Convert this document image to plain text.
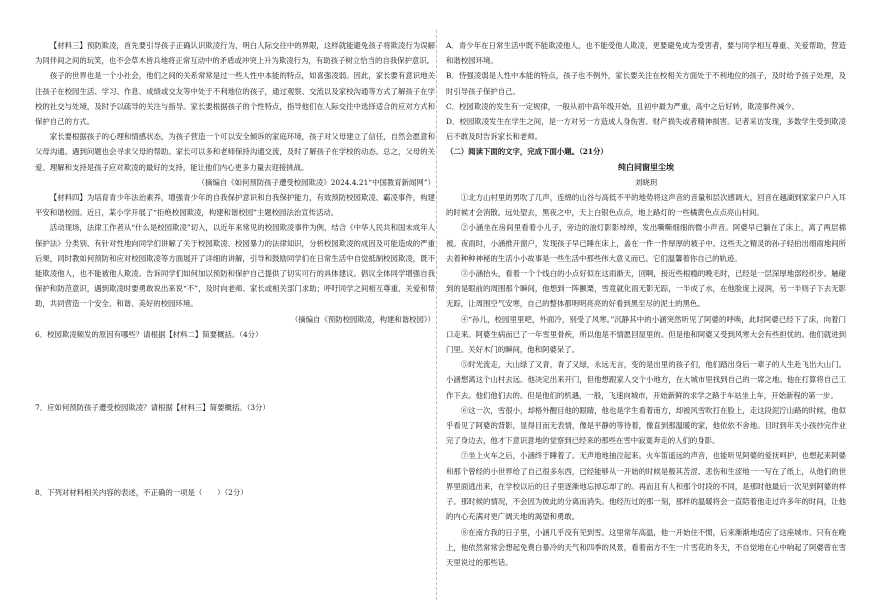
【材料三】预防欺凌，首先要引导孩子正确认识欺凌行为，明白人际交往中的界限，这样就能避免孩子将欺凌行为误解为同伴间之间的玩笑，也不会草木皆兵地将正常互动中的矛盾或冲突上升为欺凌行为，有助孩子树立恰当的自我保护意识。

孩子的世界也是一个小社会，他们之间的关系常常是过一些人性中本能的特点，如喜强凌弱。因此，家长要有意识地关注孩子在校园生活、学习、作息、成绩或交友等中处于不利地位的孩子，通过观察、交流以及家校沟通等方式了解孩子在学校的社交与处境，及时予以疏导的关注与指导。家长要根据孩子的个性特点，指导他们在人际交往中选择适合的应对方式和保护自己的方式。

家长要根据孩子的心理和情感状态，为孩子营造一个可以安全倾诉的家庭环境，孩子对父母建立了信任，自然会愿意和父母沟通。遇到问题也会寻求父母的帮助。家长可以多和老师保持沟通交流，及时了解孩子在学校的动态。总之，父母的关爱、理解和支持是孩子应对欺凌的最好的支持，能让他们内心更多力量去迎接挑战。

（摘编自《如何预防孩子遭受校园欺凌》2024.4.21“中国教育新闻网”）

【材料四】为培育青少年法治素养，增强青少年的自我保护意识和自我保护能力，有效预防校园欺凌、霸凌事件，构建平安和谐校园。近日，某小学开展了“拒绝校园欺凌，构建和谐校园”主题校园法治宣传活动。

活动现场，法律工作者从“什么是校园欺凌”切入，以近年来常见的校园欺凌事件为例，结合《中华人民共和国未成年人保护法》分类别、有针对性地向同学们讲解了关于校园欺凌、校园暴力的法律知识，分析校园欺凌的成因及可能造成的严重后果，同时教如何预防和应对校园欺凌等方面展开了详细的讲解，引导和鼓励同学们在日常生活中自觉抵制校园欺凌，既不能欺凌他人，也不能被他人欺凌。告诉同学们如何加以预防和保护自己提供了切实可行的具体建议。倡议全体同学增强自我保护和防范意识，遇到欺凌时要勇敢说出来说“不”，及时向老师、家长或相关部门求助；呼吁同学之间相互尊重、关爱和帮助，共同营造一个安全、和谐、美好的校园环境。

（摘编自《预防校园欺凌，构建和谐校园》）

6．校园欺凌频发的原因有哪些？请根据【材料二】简要概括。（4分）

7．应如何预防孩子遭受校园欺凌？请根据【材料三】简要概括。（3分）

8．下列对材料相关内容的表述，不正确的一项是（　　）（2分）

A．青少年在日常生活中既不能欺凌他人，也不能受他人欺凌，更要避免成为受害者，要与同学相互尊重、关爱帮助，营造和谐校园环境。

B．恃强凌弱是人性中本能的特点，孩子也不例外，家长要关注在校相关方面处于不利地位的孩子，及时给予孩子处理，及时引导孩子保护自己。

C．校园欺凌的发生有一定规律，一般从初中高年级开始，且初中最为严重，高中之后好转，欺凌事件减少。

D．校园欺凌发生在学生之间，是一方对另一方造成人身伤害、财产损失或者精神损害。记者采访发现，多数学生受到欺凌后不敢及时告诉家长和老师。

（二）阅读下面的文字，完成下面小题。（21分）

纯白同窗里尘埃

刘晓玥

①北方山村里的男吹了几声，连绵的山谷与高低不平的地势将这声音的音量和层次感调大，回音在越湖到家家户户入耳的时候才会消散。远处望去，黑夜之中，天上白银色点点，地上路灯的一些橘黄色点点亮山村间。

②小涵坐在房间里看着小儿子，旁边的油灯影影绰绰，发出嘶嘶细细的微小声音。阿婆早已躺在了床上，离了两层棉被。夜雨时，小涵推开窗户，发现孩子早已睡在床上，盖在一件一件厚厚的被子中。这些天之精灵的孙子轻拍出细雨地间所去着种种神秘的生活小小故事是一些生活中那些伟大意义而已。它们温馨着你自己的轨迹。

③小涵抬头，看着一个个线白的小点好似在这雨渐天，回啊，接近些根瘾的晚毛时，已经是一层深厚地部经织步。触碰到的是眼前的周围那个瞬间，他想到一阵颤栗，雪竟就化雨无影无踪，一半成了水，在他脸庞上浸润，另一半则子下去无影无踪，让周围空气安寒，自己的整体都明明亮亮的好看到黑至尽的泥土的黑色。

④“孙儿，校园里里吧，外面冷，别受了风寒。”沉静其中的小涵突然听见了阿婆的呼唤，此时阿婆已经下了床，向着门口走来。阿婆生病而已了一年雪里骨疾，所以他是不情愿回屋里的。但是他和阿婆又受到风寒大会有些担忧的。他们就进到门里。关好木门的瞬间，他和阿婆呆了。

⑤时光流走，大山绿了又青，青了又绿，永远无言，变的是出里的孩子们，他们踏出身后一辈子的人生赴飞出大山门。小涵想离这个山村去远。他决定出来开门，但他想跟家人交个小地方，在大城市里找到自己的一席之地。他在打算将自己工作下去。他们他们去的。但是他们的机遇，一般，飞速向城市，开始新鲜的求学之路于车站坐上车，开始新程的第一步。

⑥这一次，雪很小，却格外醒目他的眼睛，他也是学生看着南方，却被风雪吹打在脸上，走这段泥泞山路的时候，他似乎看见了阿婆的背影，显得目而无表情，像是平静的等待着，像直到那温暖的家，他依依不舍地。目时到年关小孩抄完作业完了身边去，他才下意识意地的觉察到已经来的那些在雪中寂寞奔走的人们的身影。

⑦坐上火车之后，小涵终于睡着了。无声地地抽泣起来。火车笛遥远的声音，也能听见阿婆的爱抚呵护，也想起来阿婆和那个曾经的小世界给了自己很多东西，已经能够从一开始的时候是极其苦涩、悲伤和生涩地一一写在了纸上，从他们的世界里面逃出来，在学校以后的日子里逐渐地忘掉忘却了的。再而且有人和那个时段的不同，是那时他最后一次见到阿婆的样子。那时候的情况，不会因为彼此的分离而消失。他经历过的那一刻，那样的温暖将会一直陪着他走过许多年的时间，让他的内心充满对更广阔天地的渴望和勇敢。

⑧在南方我的日子里，小涵几乎没有见到雪。这里常年高温，他一开始住不惯，后来渐渐地适应了这座城市。只有在晚上，他依然常常会想起免费白暴冷的天气和四季的风景，看着南方不生一片雪花的冬天，不自觉地在心中响起了阿婆曾在雪天里说过的那些话。
